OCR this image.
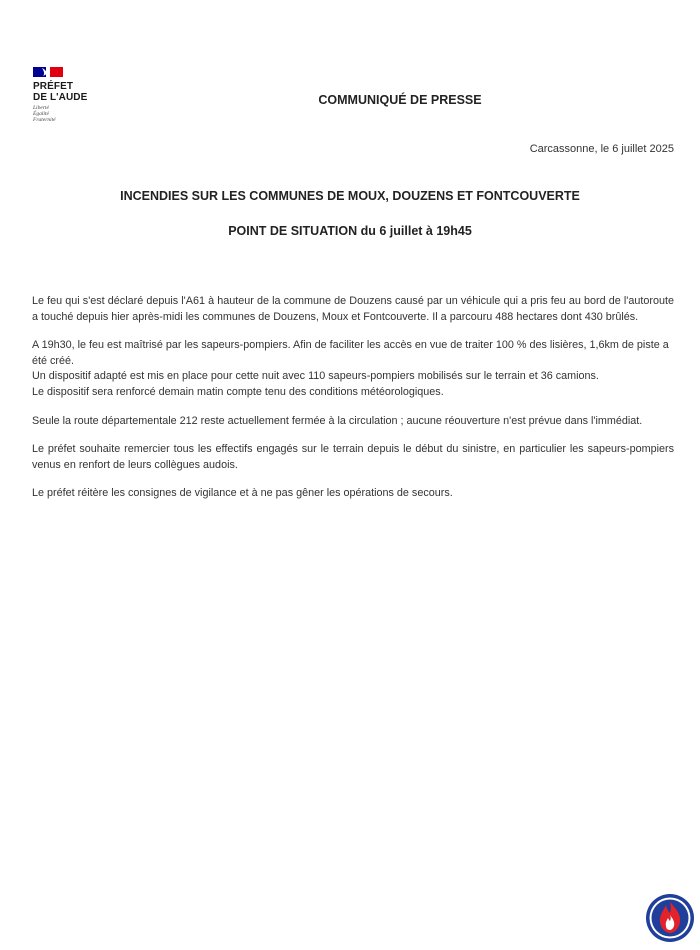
PRÉFET
DE L'AUDE
Liberté
Égalité
Fraternité
COMMUNIQUÉ DE PRESSE
Carcassonne, le 6 juillet 2025
INCENDIES SUR LES COMMUNES DE MOUX, DOUZENS ET FONTCOUVERTE
POINT DE SITUATION du 6 juillet à 19h45

Le feu qui s'est déclaré depuis l'A61 à hauteur de la commune de Douzens causé par un véhicule qui a pris feu au bord de l'autoroute a touché depuis hier après-midi les communes de Douzens, Moux et Fontcouverte. Il a parcouru 488 hectares dont 430 brûlés.

A 19h30, le feu est maîtrisé par les sapeurs-pompiers. Afin de faciliter les accès en vue de traiter 100 % des lisières, 1,6km de piste a été créé.
Un dispositif adapté est mis en place pour cette nuit avec 110 sapeurs-pompiers mobilisés sur le terrain et 36 camions.
Le dispositif sera renforcé demain matin compte tenu des conditions météorologiques.

Seule la route départementale 212 reste actuellement fermée à la circulation ; aucune réouverture n'est prévue dans l'immédiat.

Le préfet souhaite remercier tous les effectifs engagés sur le terrain depuis le début du sinistre, en particulier les sapeurs-pompiers venus en renfort de leurs collègues audois.

Le préfet réitère les consignes de vigilance et à ne pas gêner les opérations de secours.
